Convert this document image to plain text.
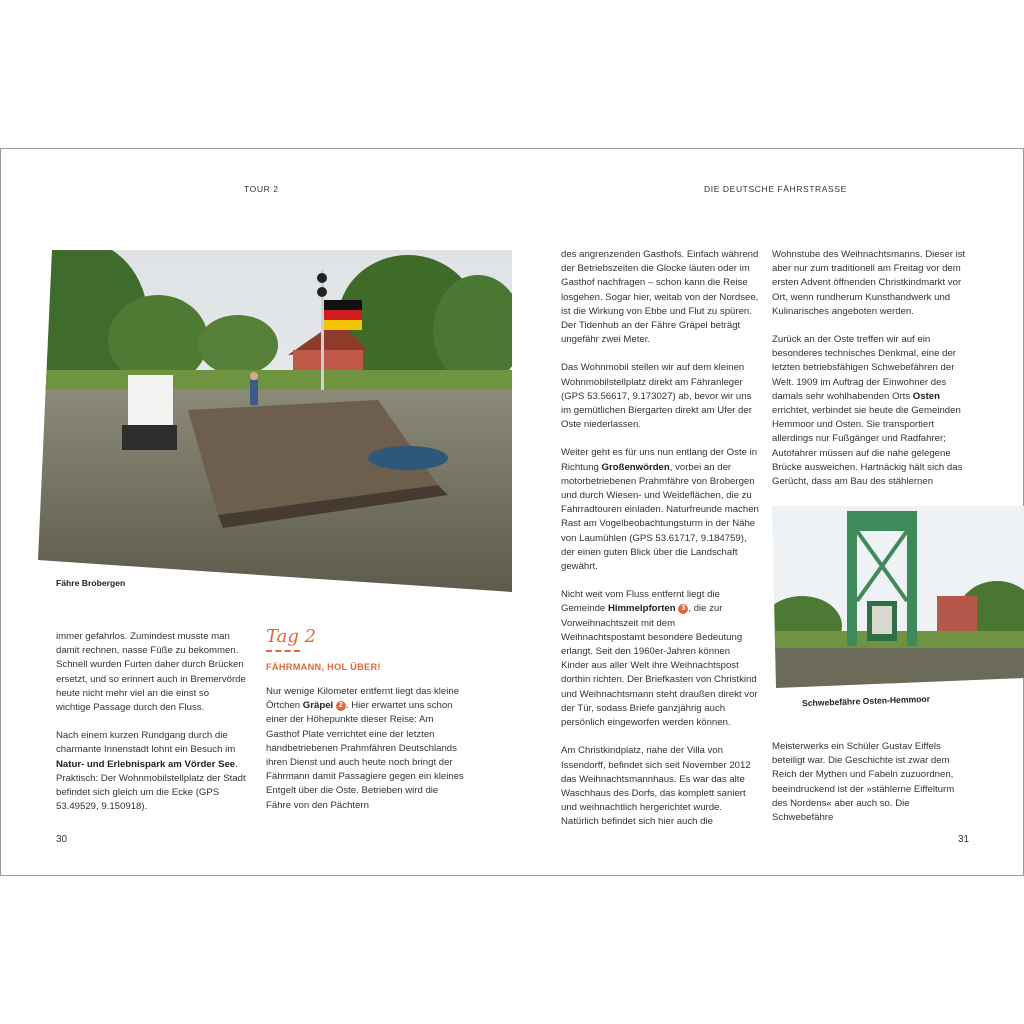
TOUR 2	DIE DEUTSCHE FÄHRSTRASSE
Fähre Brobergen

immer gefahrlos. Zumindest musste man damit rechnen, nasse Füße zu bekommen. Schnell wurden Furten daher durch Brücken ersetzt, und so erinnert auch in Bremervörde heute nicht mehr viel an die einst so wichtige Passage durch den Fluss.

Nach einem kurzen Rundgang durch die charmante Innenstadt lohnt ein Besuch im Natur- und Erlebnispark am Vörder See. Praktisch: Der Wohnmobilstellplatz der Stadt befindet sich gleich um die Ecke (GPS 53.49529, 9.150918).

Tag 2
FÄHRMANN, HOL ÜBER!

Nur wenige Kilometer entfernt liegt das kleine Örtchen Gräpel 2 . Hier erwartet uns schon einer der Höhepunkte dieser Reise: Am Gasthof Plate verrichtet eine der letzten handbetriebenen Prahmfähren Deutschlands ihren Dienst und auch heute noch bringt der Fährmann damit Passagiere gegen ein kleines Entgelt über die Oste. Betrieben wird die Fähre von den Pächtern

30

des angrenzenden Gasthofs. Einfach während der Betriebszeiten die Glocke läuten oder im Gasthof nachfragen – schon kann die Reise losgehen. Sogar hier, weitab von der Nordsee, ist die Wirkung von Ebbe und Flut zu spüren. Der Tidenhub an der Fähre Gräpel beträgt ungefähr zwei Meter.

Das Wohnmobil stellen wir auf dem kleinen Wohnmobilstellplatz direkt am Fähranleger (GPS 53.56617, 9.173027) ab, bevor wir uns im gemütlichen Biergarten direkt am Ufer der Oste niederlassen.

Weiter geht es für uns nun entlang der Oste in Richtung Großenwörden, vorbei an der motorbetriebenen Prahmfähre von Brobergen und durch Wiesen- und Weideflächen, die zu Fahrradtouren einladen. Naturfreunde machen Rast am Vogelbeobachtungsturm in der Nähe von Laumühlen (GPS 53.61717, 9.184759), der einen guten Blick über die Landschaft gewährt.

Nicht weit vom Fluss entfernt liegt die Gemeinde Himmelpforten 3 , die zur Vorweihnachtszeit mit dem Weihnachtspostamt besondere Bedeutung erlangt. Seit den 1960er-Jahren können Kinder aus aller Welt ihre Weihnachtspost dorthin richten. Der Briefkasten von Christkind und Weihnachtsmann steht draußen direkt vor der Tür, sodass Briefe ganzjährig auch persönlich eingeworfen werden können.

Am Christkindplatz, nahe der Villa von Issendorff, befindet sich seit November 2012 das Weihnachtsmannhaus. Es war das alte Waschhaus des Dorfs, das komplett saniert und weihnachtlich hergerichtet wurde. Natürlich befindet sich hier auch die

Wohnstube des Weihnachtsmanns. Dieser ist aber nur zum traditionell am Freitag vor dem ersten Advent öffnenden Christkindmarkt vor Ort, wenn rundherum Kunsthandwerk und Kulinarisches angeboten werden.

Zurück an der Oste treffen wir auf ein besonderes technisches Denkmal, eine der letzten betriebsfähigen Schwebefähren der Welt. 1909 im Auftrag der Einwohner des damals sehr wohlhabenden Orts Osten errichtet, verbindet sie heute die Gemeinden Hemmoor und Osten. Sie transportiert allerdings nur Fußgänger und Radfahrer; Autofahrer müssen auf die nahe gelegene Brücke ausweichen. Hartnäckig hält sich das Gerücht, dass am Bau des stählernen

Schwebefähre Osten-Hemmoor

Meisterwerks ein Schüler Gustav Eiffels beteiligt war. Die Geschichte ist zwar dem Reich der Mythen und Fabeln zuzuordnen, beeindruckend ist der »stählerne Eiffelturm des Nordens« aber auch so. Die Schwebefähre

31
